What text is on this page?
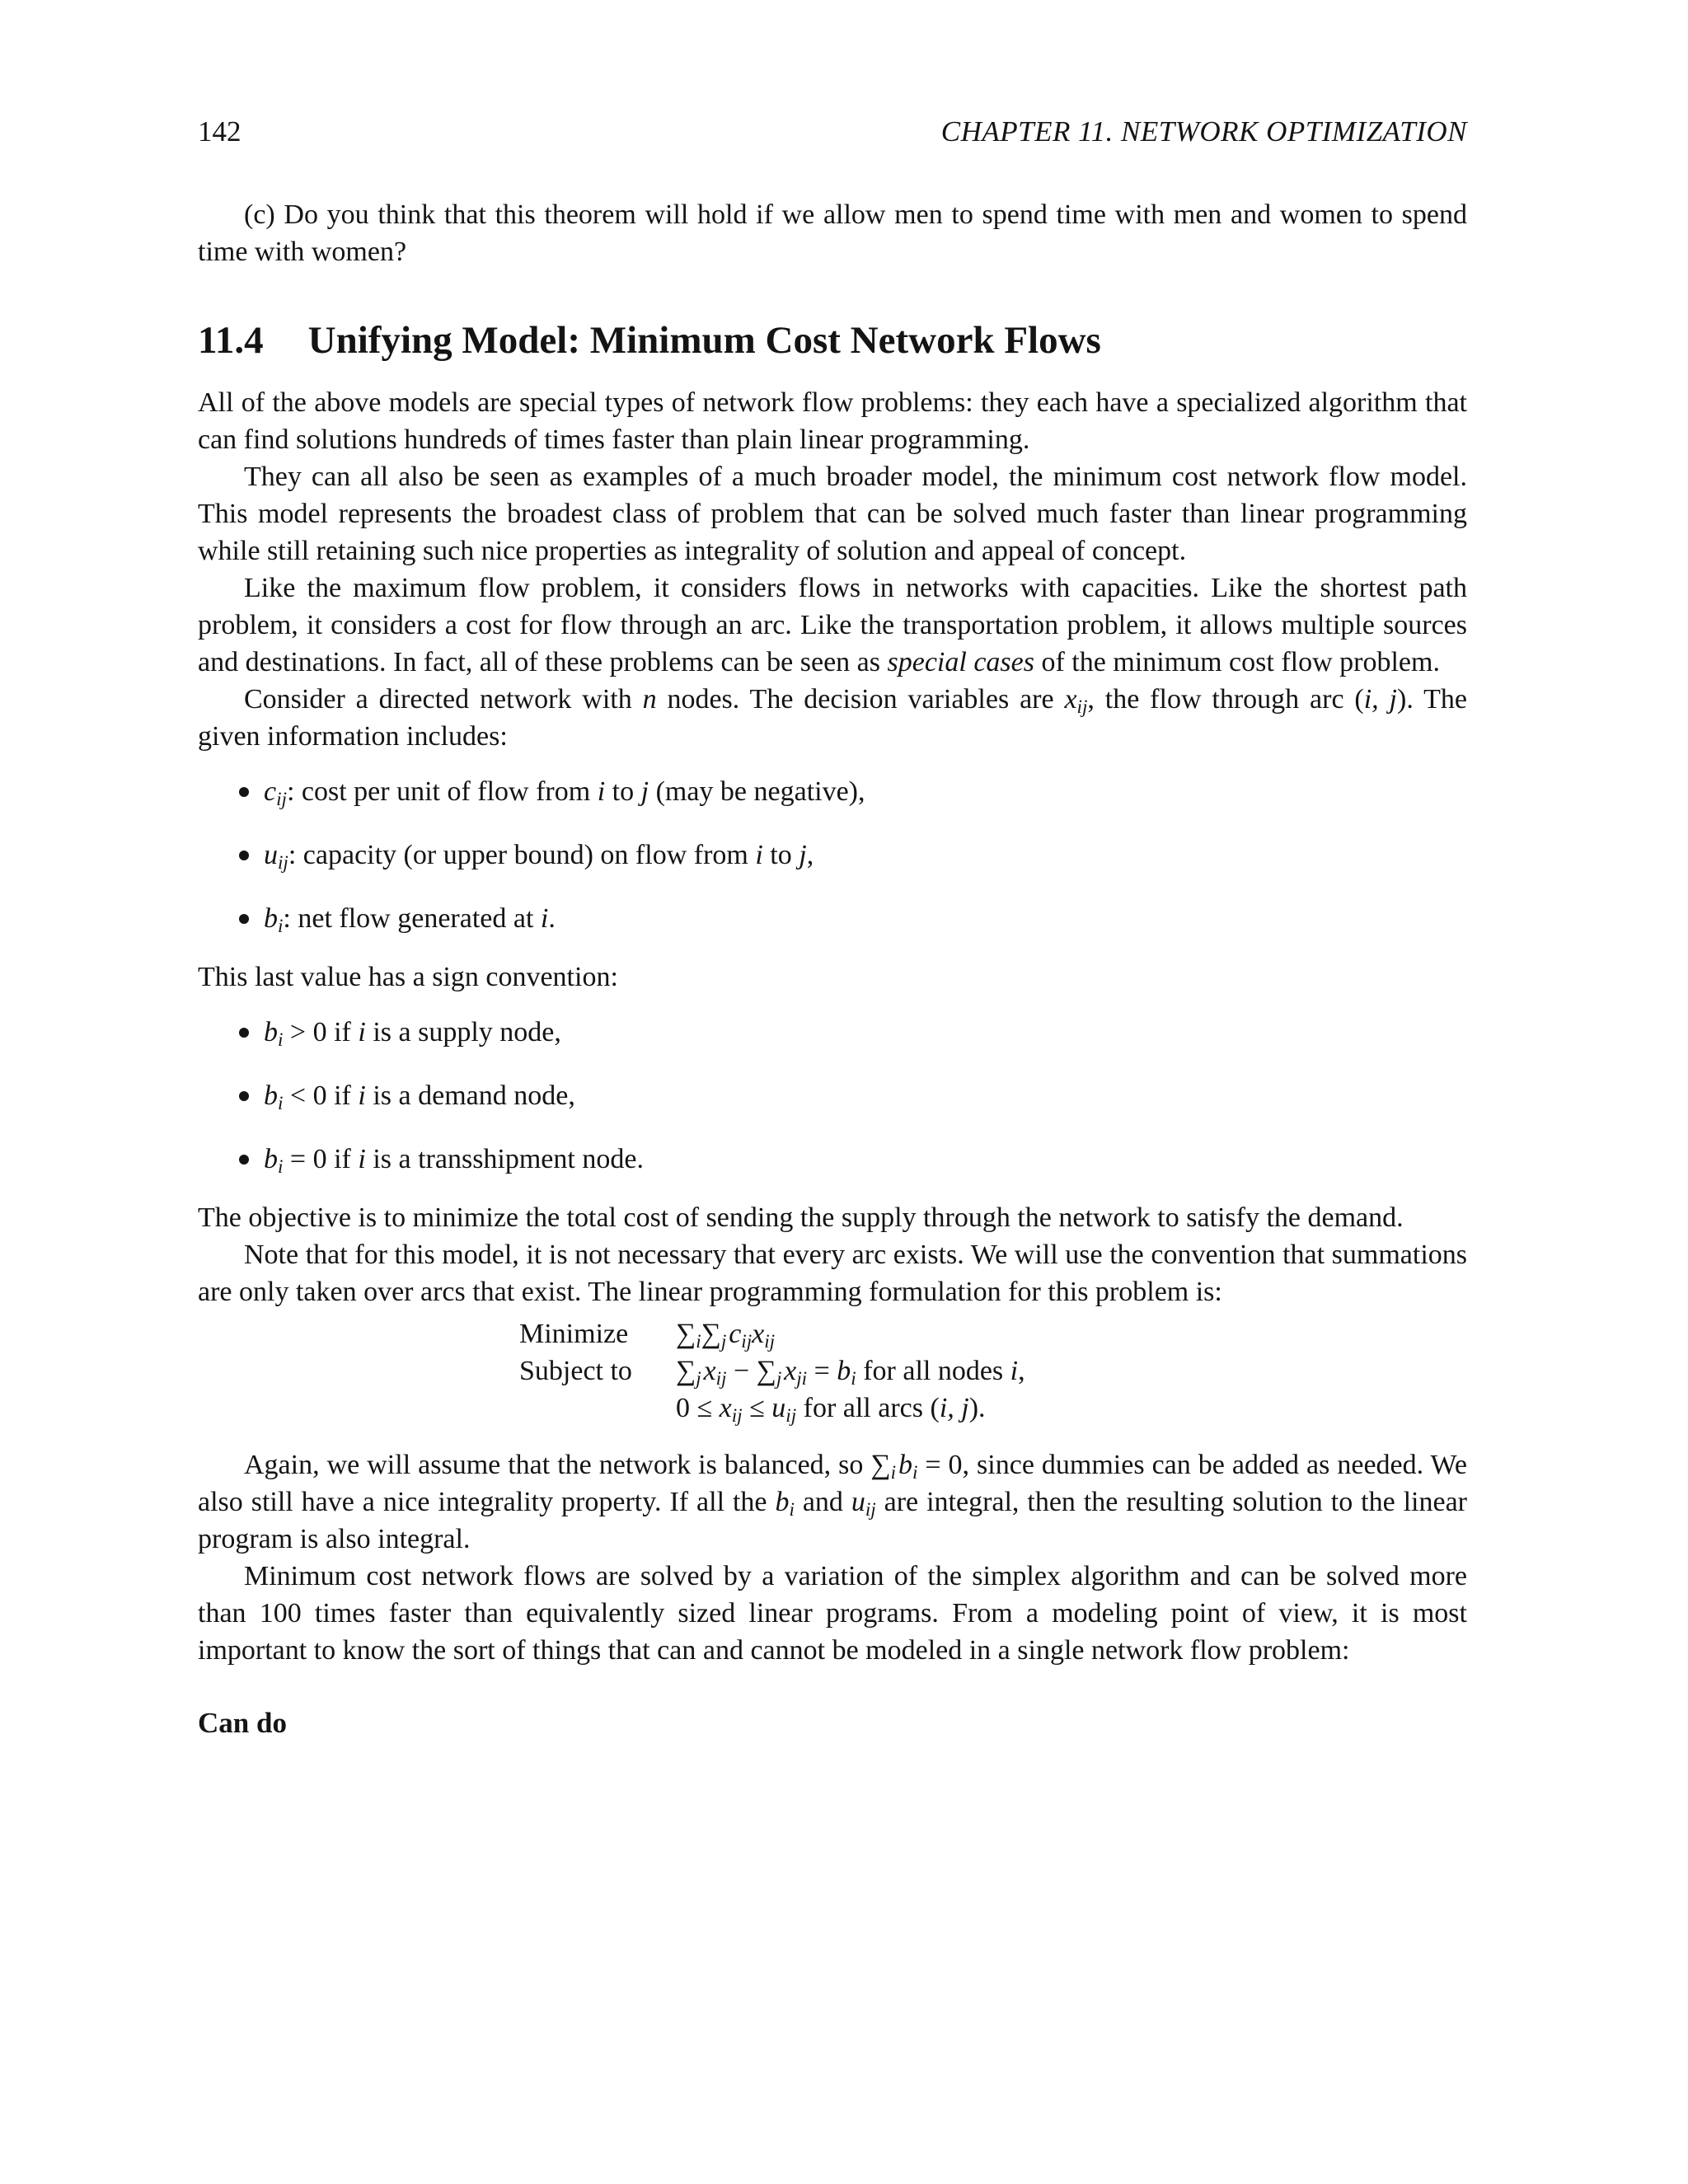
142	CHAPTER 11. NETWORK OPTIMIZATION

(c) Do you think that this theorem will hold if we allow men to spend time with men and women to spend time with women?

11.4 Unifying Model: Minimum Cost Network Flows

All of the above models are special types of network flow problems: they each have a specialized algorithm that can find solutions hundreds of times faster than plain linear programming.

They can all also be seen as examples of a much broader model, the minimum cost network flow model. This model represents the broadest class of problem that can be solved much faster than linear programming while still retaining such nice properties as integrality of solution and appeal of concept.

Like the maximum flow problem, it considers flows in networks with capacities. Like the shortest path problem, it considers a cost for flow through an arc. Like the transportation problem, it allows multiple sources and destinations. In fact, all of these problems can be seen as special cases of the minimum cost flow problem.

Consider a directed network with n nodes. The decision variables are $x_{ij}$, the flow through arc (i, j). The given information includes:

$c_{ij}$: cost per unit of flow from i to j (may be negative),
$u_{ij}$: capacity (or upper bound) on flow from i to j,
$b_i$: net flow generated at i.

This last value has a sign convention:

$b_i > 0$ if i is a supply node,
$b_i < 0$ if i is a demand node,
$b_i = 0$ if i is a transshipment node.

The objective is to minimize the total cost of sending the supply through the network to satisfy the demand.

Note that for this model, it is not necessary that every arc exists. We will use the convention that summations are only taken over arcs that exist. The linear programming formulation for this problem is:

Minimize	$\sum_i\sum_j$ $c_{ij}x_{ij}$
Subject to	$\sum_j$ $x_{ij} - \sum_j$ $x_{ji} = b_i$ for all nodes i,
$0 \le x_{ij} \le u_{ij}$ for all arcs (i, j).

Again, we will assume that the network is balanced, so $\sum_i$ $b_i = 0$, since dummies can be added as needed. We also still have a nice integrality property. If all the $b_i$ and $u_{ij}$ are integral, then the resulting solution to the linear program is also integral.

Minimum cost network flows are solved by a variation of the simplex algorithm and can be solved more than 100 times faster than equivalently sized linear programs. From a modeling point of view, it is most important to know the sort of things that can and cannot be modeled in a single network flow problem:

Can do
